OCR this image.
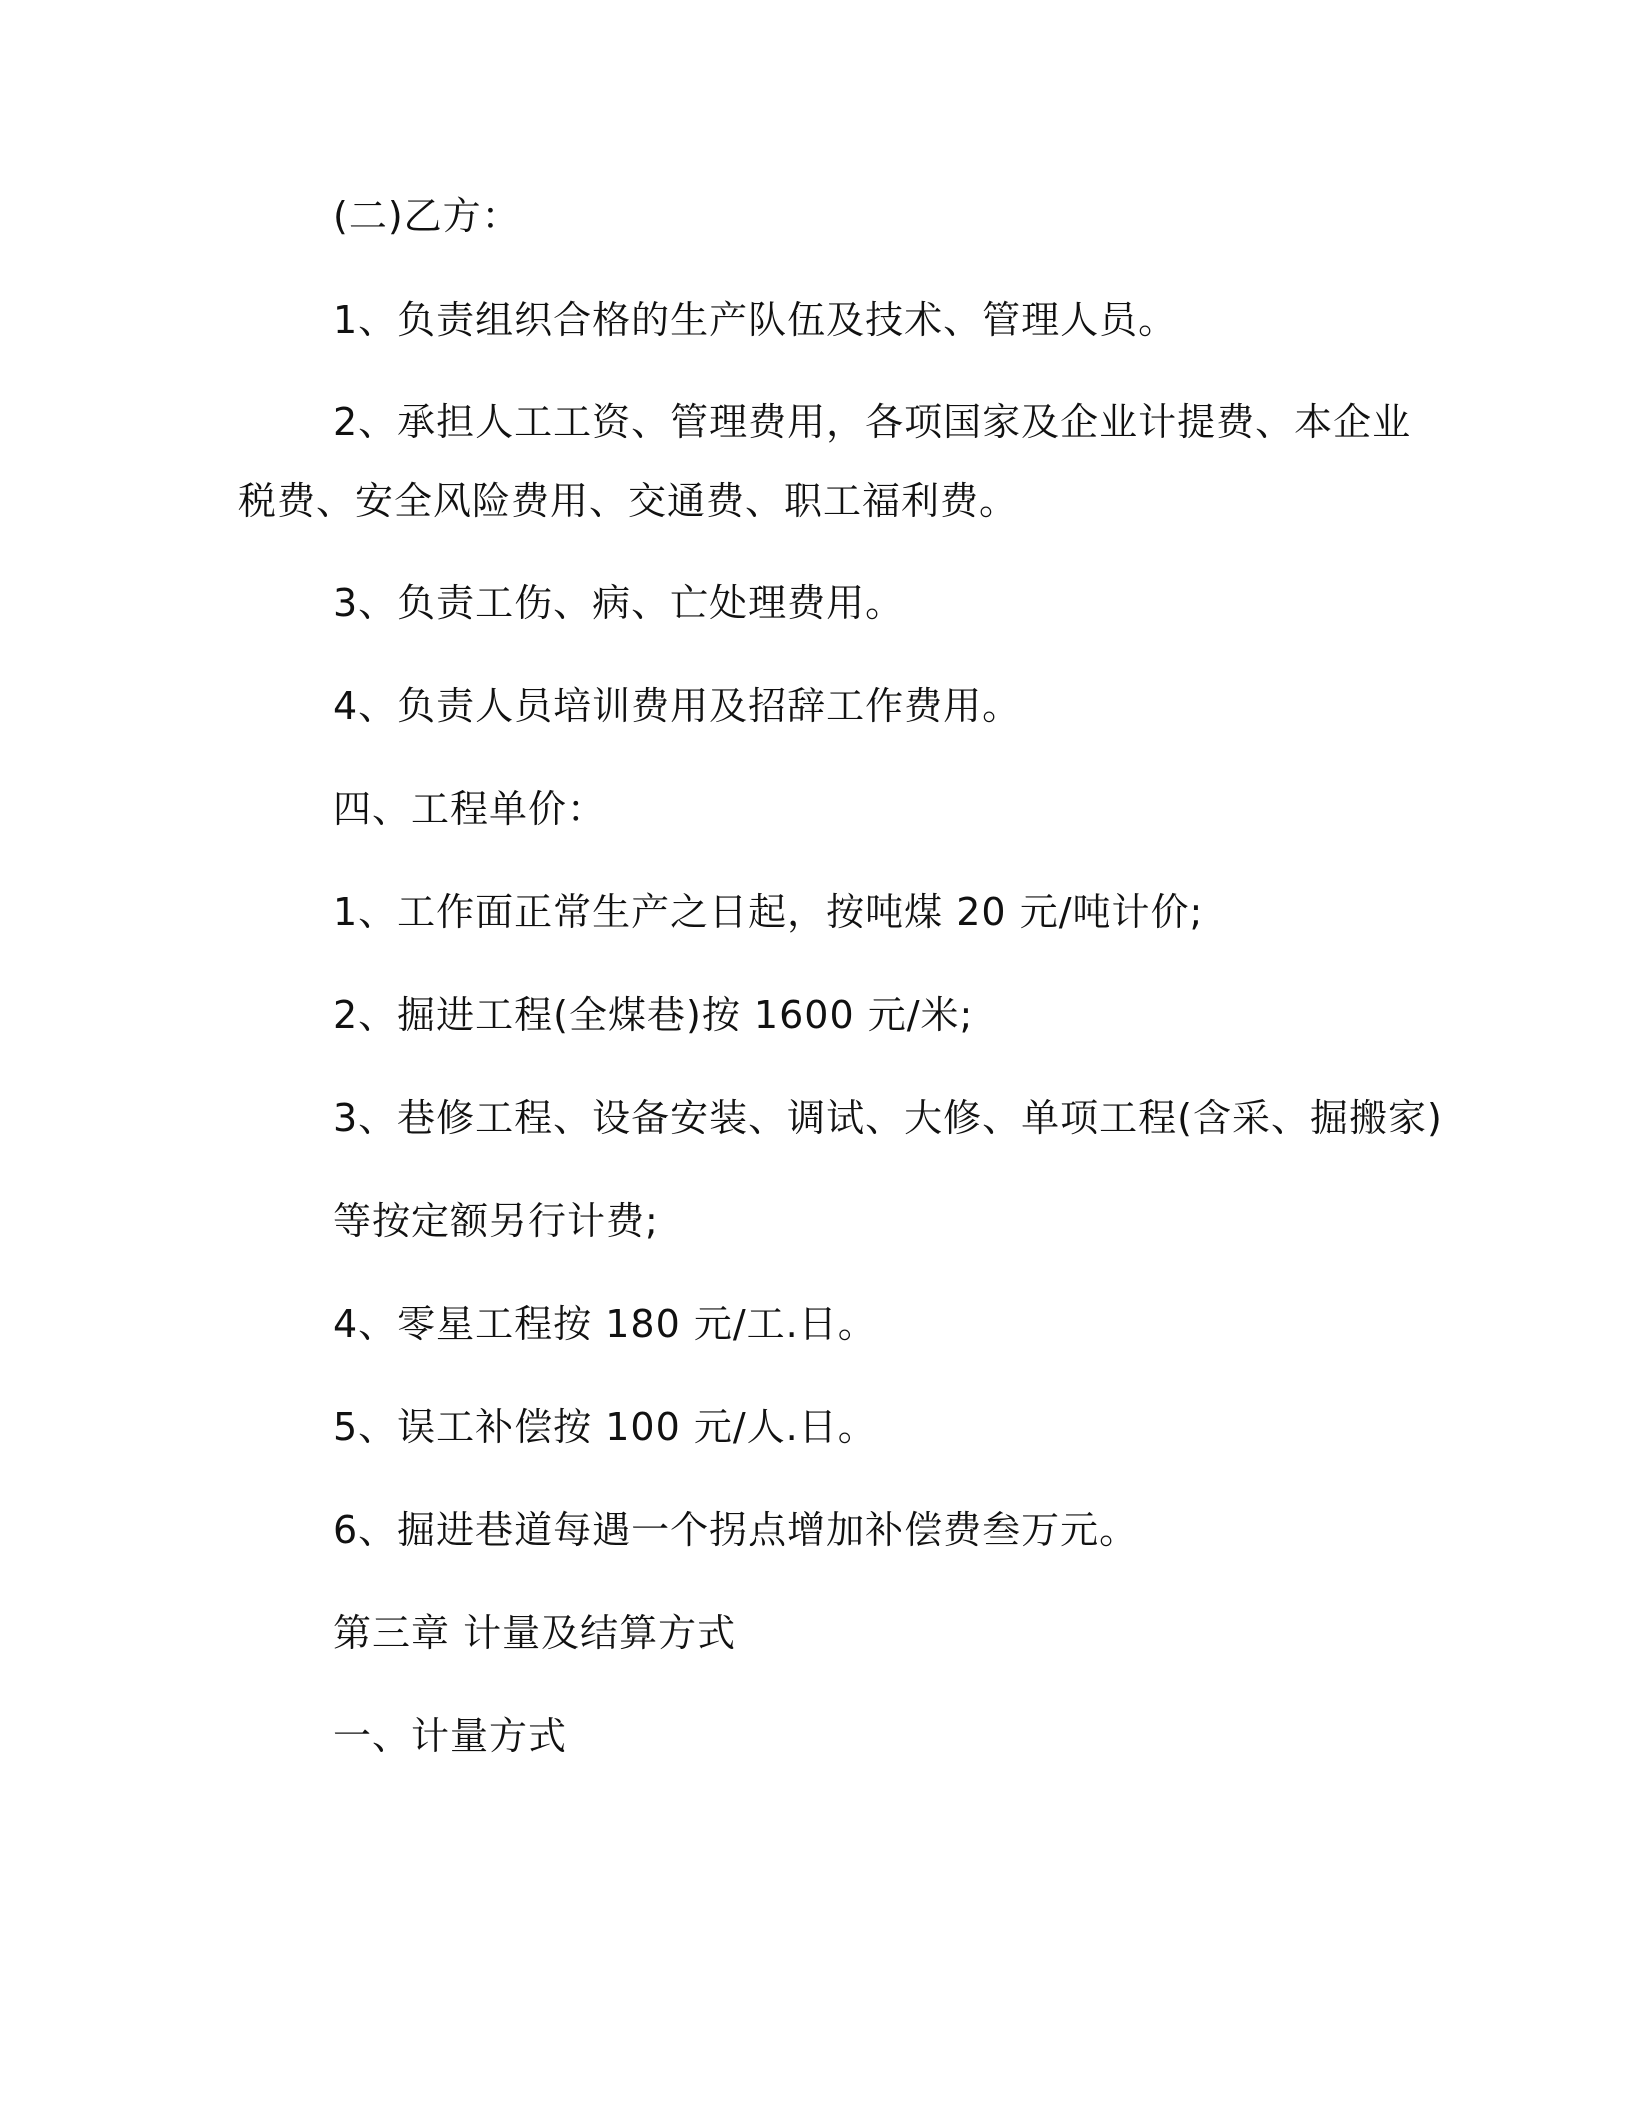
(二)乙方：

1、负责组织合格的生产队伍及技术、管理人员。

2、承担人工工资、管理费用，各项国家及企业计提费、本企业

税费、安全风险费用、交通费、职工福利费。

3、负责工伤、病、亡处理费用。

4、负责人员培训费用及招辞工作费用。

四、工程单价：

1、工作面正常生产之日起，按吨煤 20 元/吨计价;

2、掘进工程(全煤巷)按 1600 元/米;

3、巷修工程、设备安装、调试、大修、单项工程(含采、掘搬家)

等按定额另行计费;

4、零星工程按 180 元/工.日。

5、误工补偿按 100 元/人.日。

6、掘进巷道每遇一个拐点增加补偿费叁万元。

第三章 计量及结算方式

一、计量方式
